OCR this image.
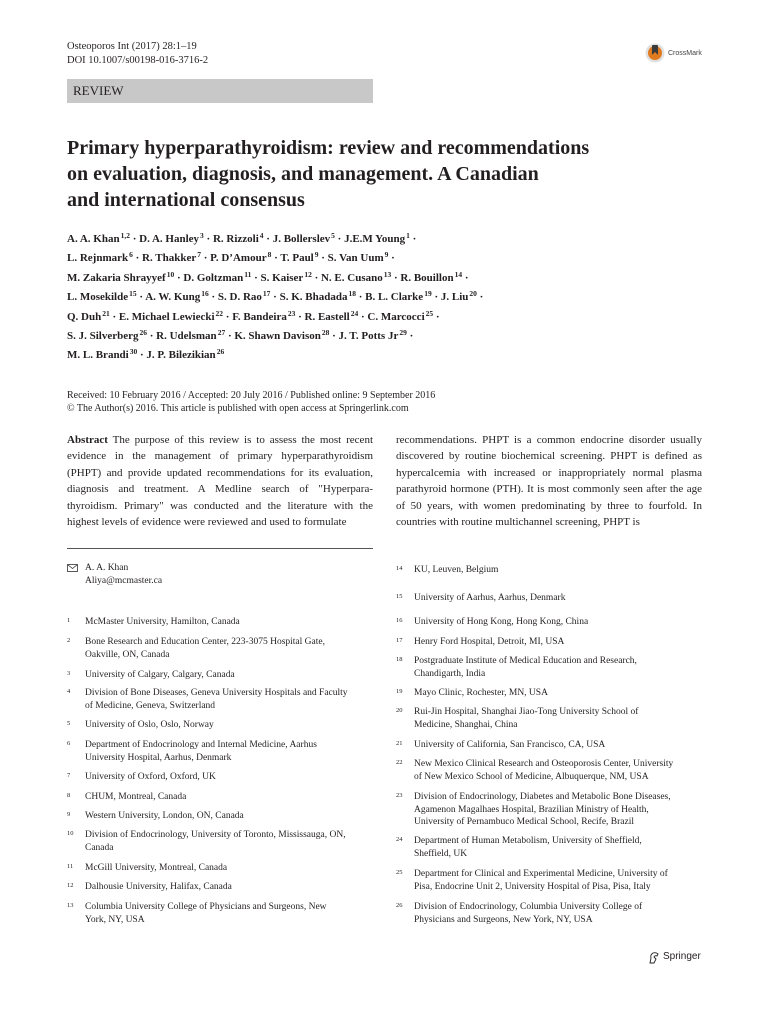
Osteoporos Int (2017) 28:1–19
DOI 10.1007/s00198-016-3716-2
CrossMark
REVIEW
Primary hyperparathyroidism: review and recommendations
on evaluation, diagnosis, and management. A Canadian
and international consensus
A. A. Khan$^{1,2}$ · D. A. Hanley$^3$ · R. Rizzoli$^4$ · J. Bollerslev$^5$ · J.E.M Young$^1$ ·
L. Rejnmark$^6$ · R. Thakker$^7$ · P. D’Amour$^8$ · T. Paul$^9$ · S. Van Uum$^9$ ·
M. Zakaria Shrayyef$^{10}$ · D. Goltzman$^{11}$ · S. Kaiser$^{12}$ · N. E. Cusano$^{13}$ · R. Bouillon$^{14}$ ·
L. Mosekilde$^{15}$ · A. W. Kung$^{16}$ · S. D. Rao$^{17}$ · S. K. Bhadada$^{18}$ · B. L. Clarke$^{19}$ · J. Liu$^{20}$ ·
Q. Duh$^{21}$ · E. Michael Lewiecki$^{22}$ · F. Bandeira$^{23}$ · R. Eastell$^{24}$ · C. Marcocci$^{25}$ ·
S. J. Silverberg$^{26}$ · R. Udelsman$^{27}$ · K. Shawn Davison$^{28}$ · J. T. Potts $Jr^{29}$ ·
M. L. Brandi$^{30}$ · J. P. Bilezikian$^{26}$
Received: 10 February 2016 / Accepted: 20 July 2016 / Published online: 9 September 2016
© The Author(s) 2016. This article is published with open access at Springerlink.com
Abstract The purpose of this review is to assess the most recent evidence in the management of primary hyperparathyroidism (PHPT) and provide updated recommendations for its evaluation, diagnosis and treatment. A Medline search of "Hyperpara-thyroidism. Primary" was conducted and the literature with the highest levels of evidence were reviewed and used to formulate
recommendations. PHPT is a common endocrine disorder usually discovered by routine biochemical screening. PHPT is defined as hypercalcemia with increased or inappropriately normal plasma parathyroid hormone (PTH). It is most commonly seen after the age of 50 years, with women predominating by three to fourfold. In countries with routine multichannel screening, PHPT is
A. A. Khan
Aliya@mcmaster.ca
1 McMaster University, Hamilton, Canada
2 Bone Research and Education Center, 223-3075 Hospital Gate,
Oakville, ON, Canada
3 University of Calgary, Calgary, Canada
4 Division of Bone Diseases, Geneva University Hospitals and Faculty
of Medicine, Geneva, Switzerland
5 University of Oslo, Oslo, Norway
6 Department of Endocrinology and Internal Medicine, Aarhus
University Hospital, Aarhus, Denmark
7 University of Oxford, Oxford, UK
8 CHUM, Montreal, Canada
9 Western University, London, ON, Canada
10 Division of Endocrinology, University of Toronto, Mississauga, ON,
Canada
11 McGill University, Montreal, Canada
12 Dalhousie University, Halifax, Canada
13 Columbia University College of Physicians and Surgeons, New
York, NY, USA
14 KU, Leuven, Belgium
15 University of Aarhus, Aarhus, Denmark
16 University of Hong Kong, Hong Kong, China
17 Henry Ford Hospital, Detroit, MI, USA
18 Postgraduate Institute of Medical Education and Research,
Chandigarth, India
19 Mayo Clinic, Rochester, MN, USA
20 Rui-Jin Hospital, Shanghai Jiao-Tong University School of
Medicine, Shanghai, China
21 University of California, San Francisco, CA, USA
22 New Mexico Clinical Research and Osteoporosis Center, University
of New Mexico School of Medicine, Albuquerque, NM, USA
23 Division of Endocrinology, Diabetes and Metabolic Bone Diseases,
Agamenon Magalhaes Hospital, Brazilian Ministry of Health,
University of Pernambuco Medical School, Recife, Brazil
24 Department of Human Metabolism, University of Sheffield,
Sheffield, UK
25 Department for Clinical and Experimental Medicine, University of
Pisa, Endocrine Unit 2, University Hospital of Pisa, Pisa, Italy
26 Division of Endocrinology, Columbia University College of
Physicians and Surgeons, New York, NY, USA
Springer
